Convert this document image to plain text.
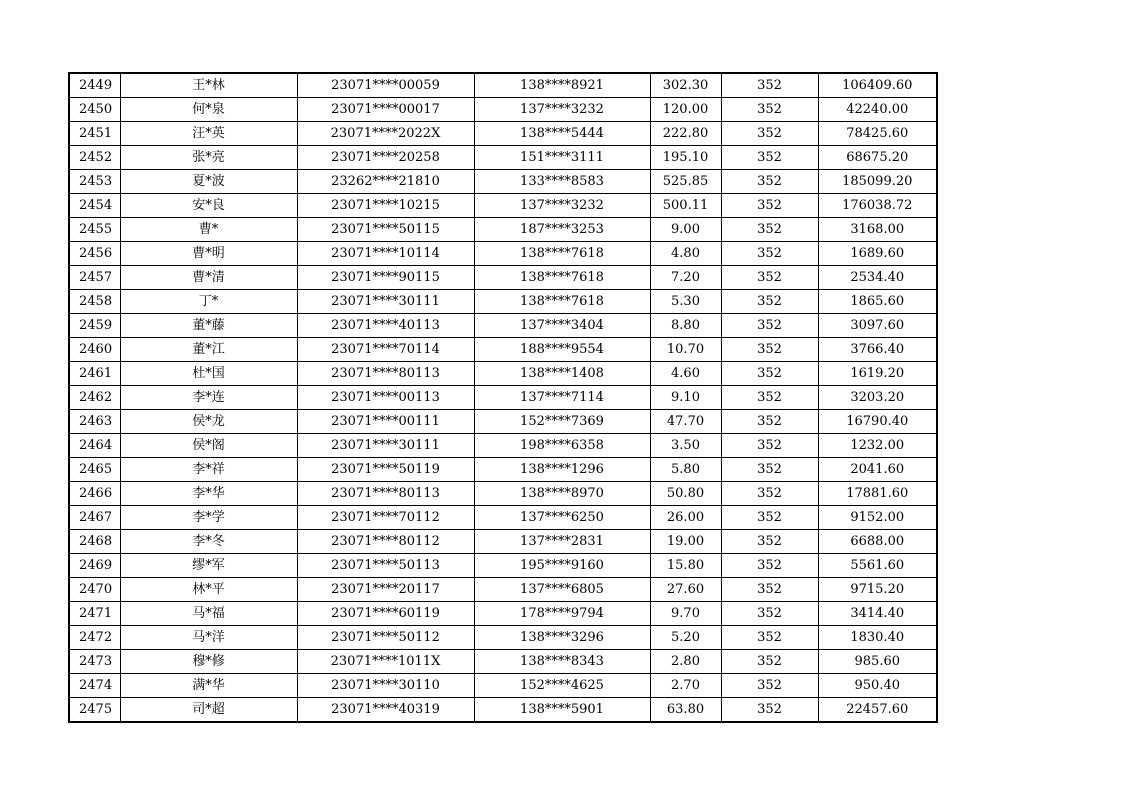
2449	王*林	23071****00059	138****8921	302.30	352	106409.60
2450	何*泉	23071****00017	137****3232	120.00	352	42240.00
2451	汪*英	23071****2022X	138****5444	222.80	352	78425.60
2452	张*亮	23071****20258	151****3111	195.10	352	68675.20
2453	夏*波	23262****21810	133****8583	525.85	352	185099.20
2454	安*良	23071****10215	137****3232	500.11	352	176038.72
2455	曹*	23071****50115	187****3253	9.00	352	3168.00
2456	曹*明	23071****10114	138****7618	4.80	352	1689.60
2457	曹*清	23071****90115	138****7618	7.20	352	2534.40
2458	丁*	23071****30111	138****7618	5.30	352	1865.60
2459	董*藤	23071****40113	137****3404	8.80	352	3097.60
2460	董*江	23071****70114	188****9554	10.70	352	3766.40
2461	杜*国	23071****80113	138****1408	4.60	352	1619.20
2462	李*连	23071****00113	137****7114	9.10	352	3203.20
2463	侯*龙	23071****00111	152****7369	47.70	352	16790.40
2464	侯*阁	23071****30111	198****6358	3.50	352	1232.00
2465	李*祥	23071****50119	138****1296	5.80	352	2041.60
2466	李*华	23071****80113	138****8970	50.80	352	17881.60
2467	李*学	23071****70112	137****6250	26.00	352	9152.00
2468	李*冬	23071****80112	137****2831	19.00	352	6688.00
2469	缪*军	23071****50113	195****9160	15.80	352	5561.60
2470	林*平	23071****20117	137****6805	27.60	352	9715.20
2471	马*福	23071****60119	178****9794	9.70	352	3414.40
2472	马*洋	23071****50112	138****3296	5.20	352	1830.40
2473	穆*修	23071****1011X	138****8343	2.80	352	985.60
2474	满*华	23071****30110	152****4625	2.70	352	950.40
2475	司*超	23071****40319	138****5901	63.80	352	22457.60
